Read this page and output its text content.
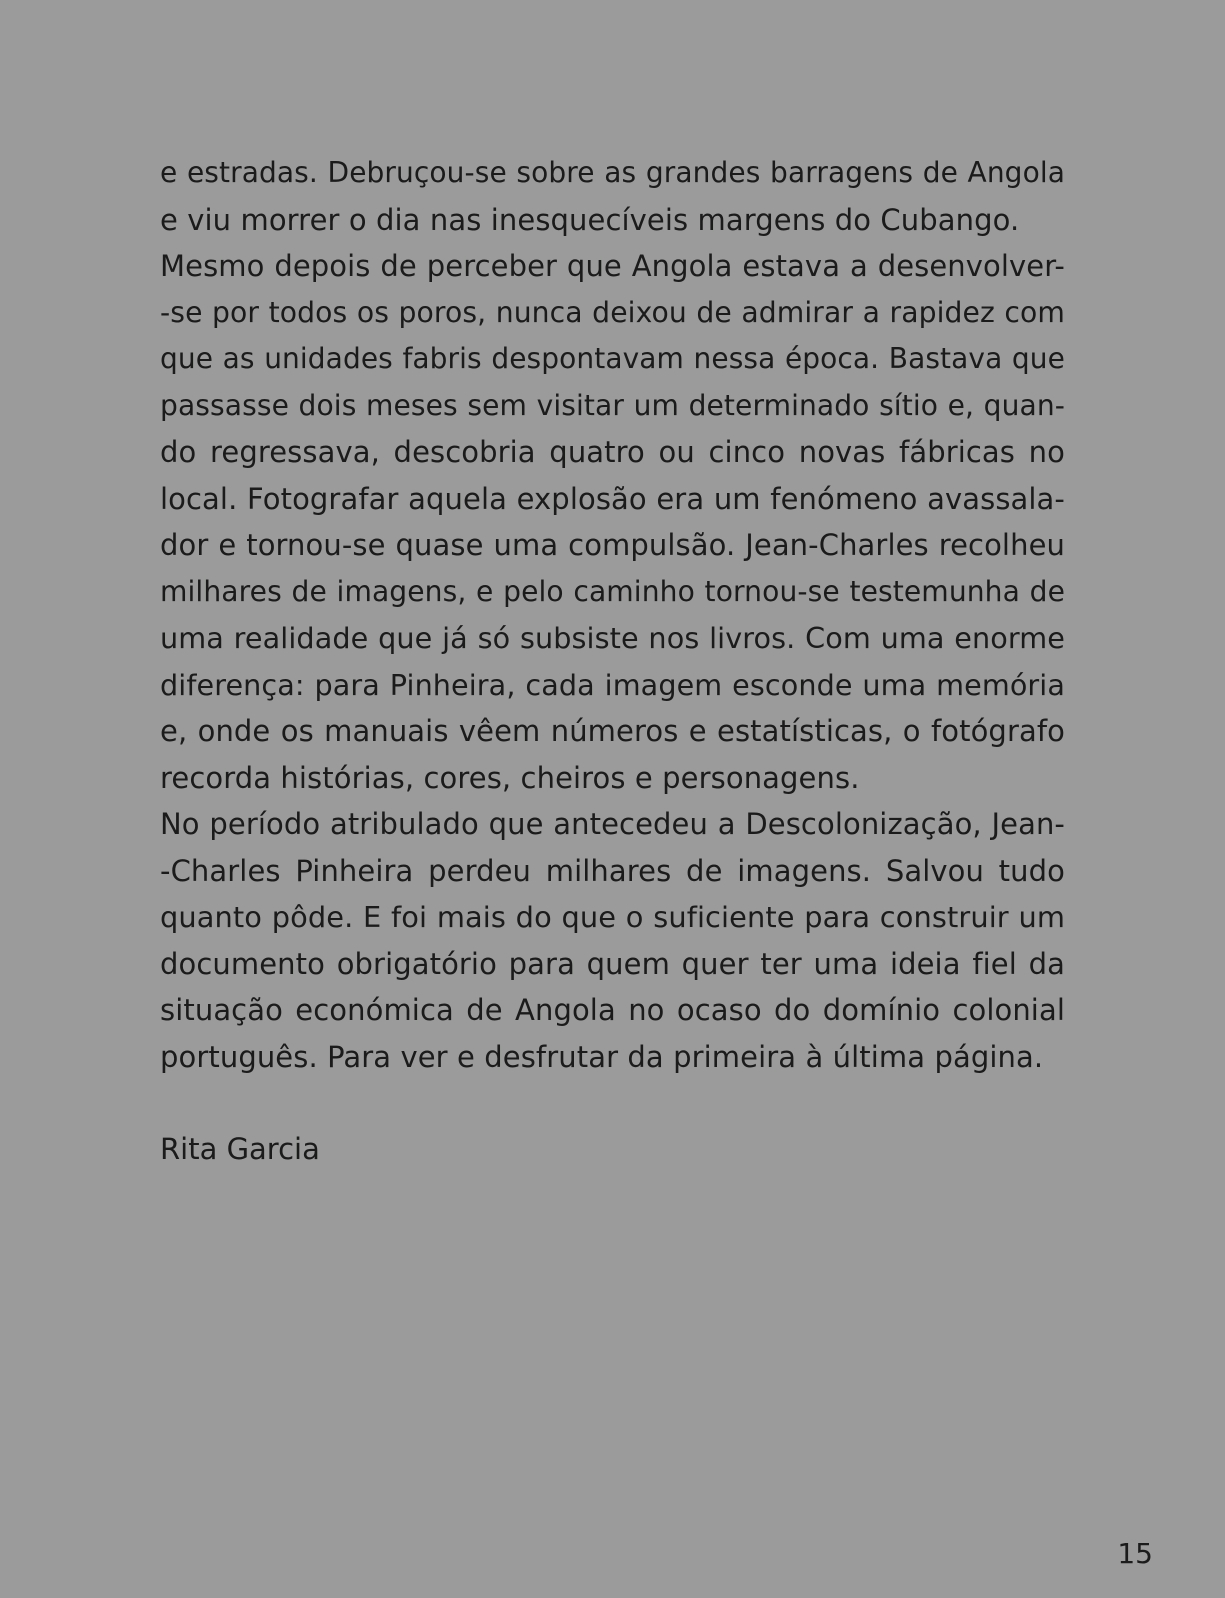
e estradas. Debruçou-se sobre as grandes barragens de Angola
e viu morrer o dia nas inesquecíveis margens do Cubango.
Mesmo depois de perceber que Angola estava a desenvolver-
-se por todos os poros, nunca deixou de admirar a rapidez com
que as unidades fabris despontavam nessa época. Bastava que
passasse dois meses sem visitar um determinado sítio e, quan-
do regressava, descobria quatro ou cinco novas fábricas no
local. Fotografar aquela explosão era um fenómeno avassala-
dor e tornou-se quase uma compulsão. Jean-Charles recolheu
milhares de imagens, e pelo caminho tornou-se testemunha de
uma realidade que já só subsiste nos livros. Com uma enorme
diferença: para Pinheira, cada imagem esconde uma memória
e, onde os manuais vêem números e estatísticas, o fotógrafo
recorda histórias, cores, cheiros e personagens.
No período atribulado que antecedeu a Descolonização, Jean-
-Charles Pinheira perdeu milhares de imagens. Salvou tudo
quanto pôde. E foi mais do que o suficiente para construir um
documento obrigatório para quem quer ter uma ideia fiel da
situação económica de Angola no ocaso do domínio colonial
português. Para ver e desfrutar da primeira à última página.
Rita Garcia
15
